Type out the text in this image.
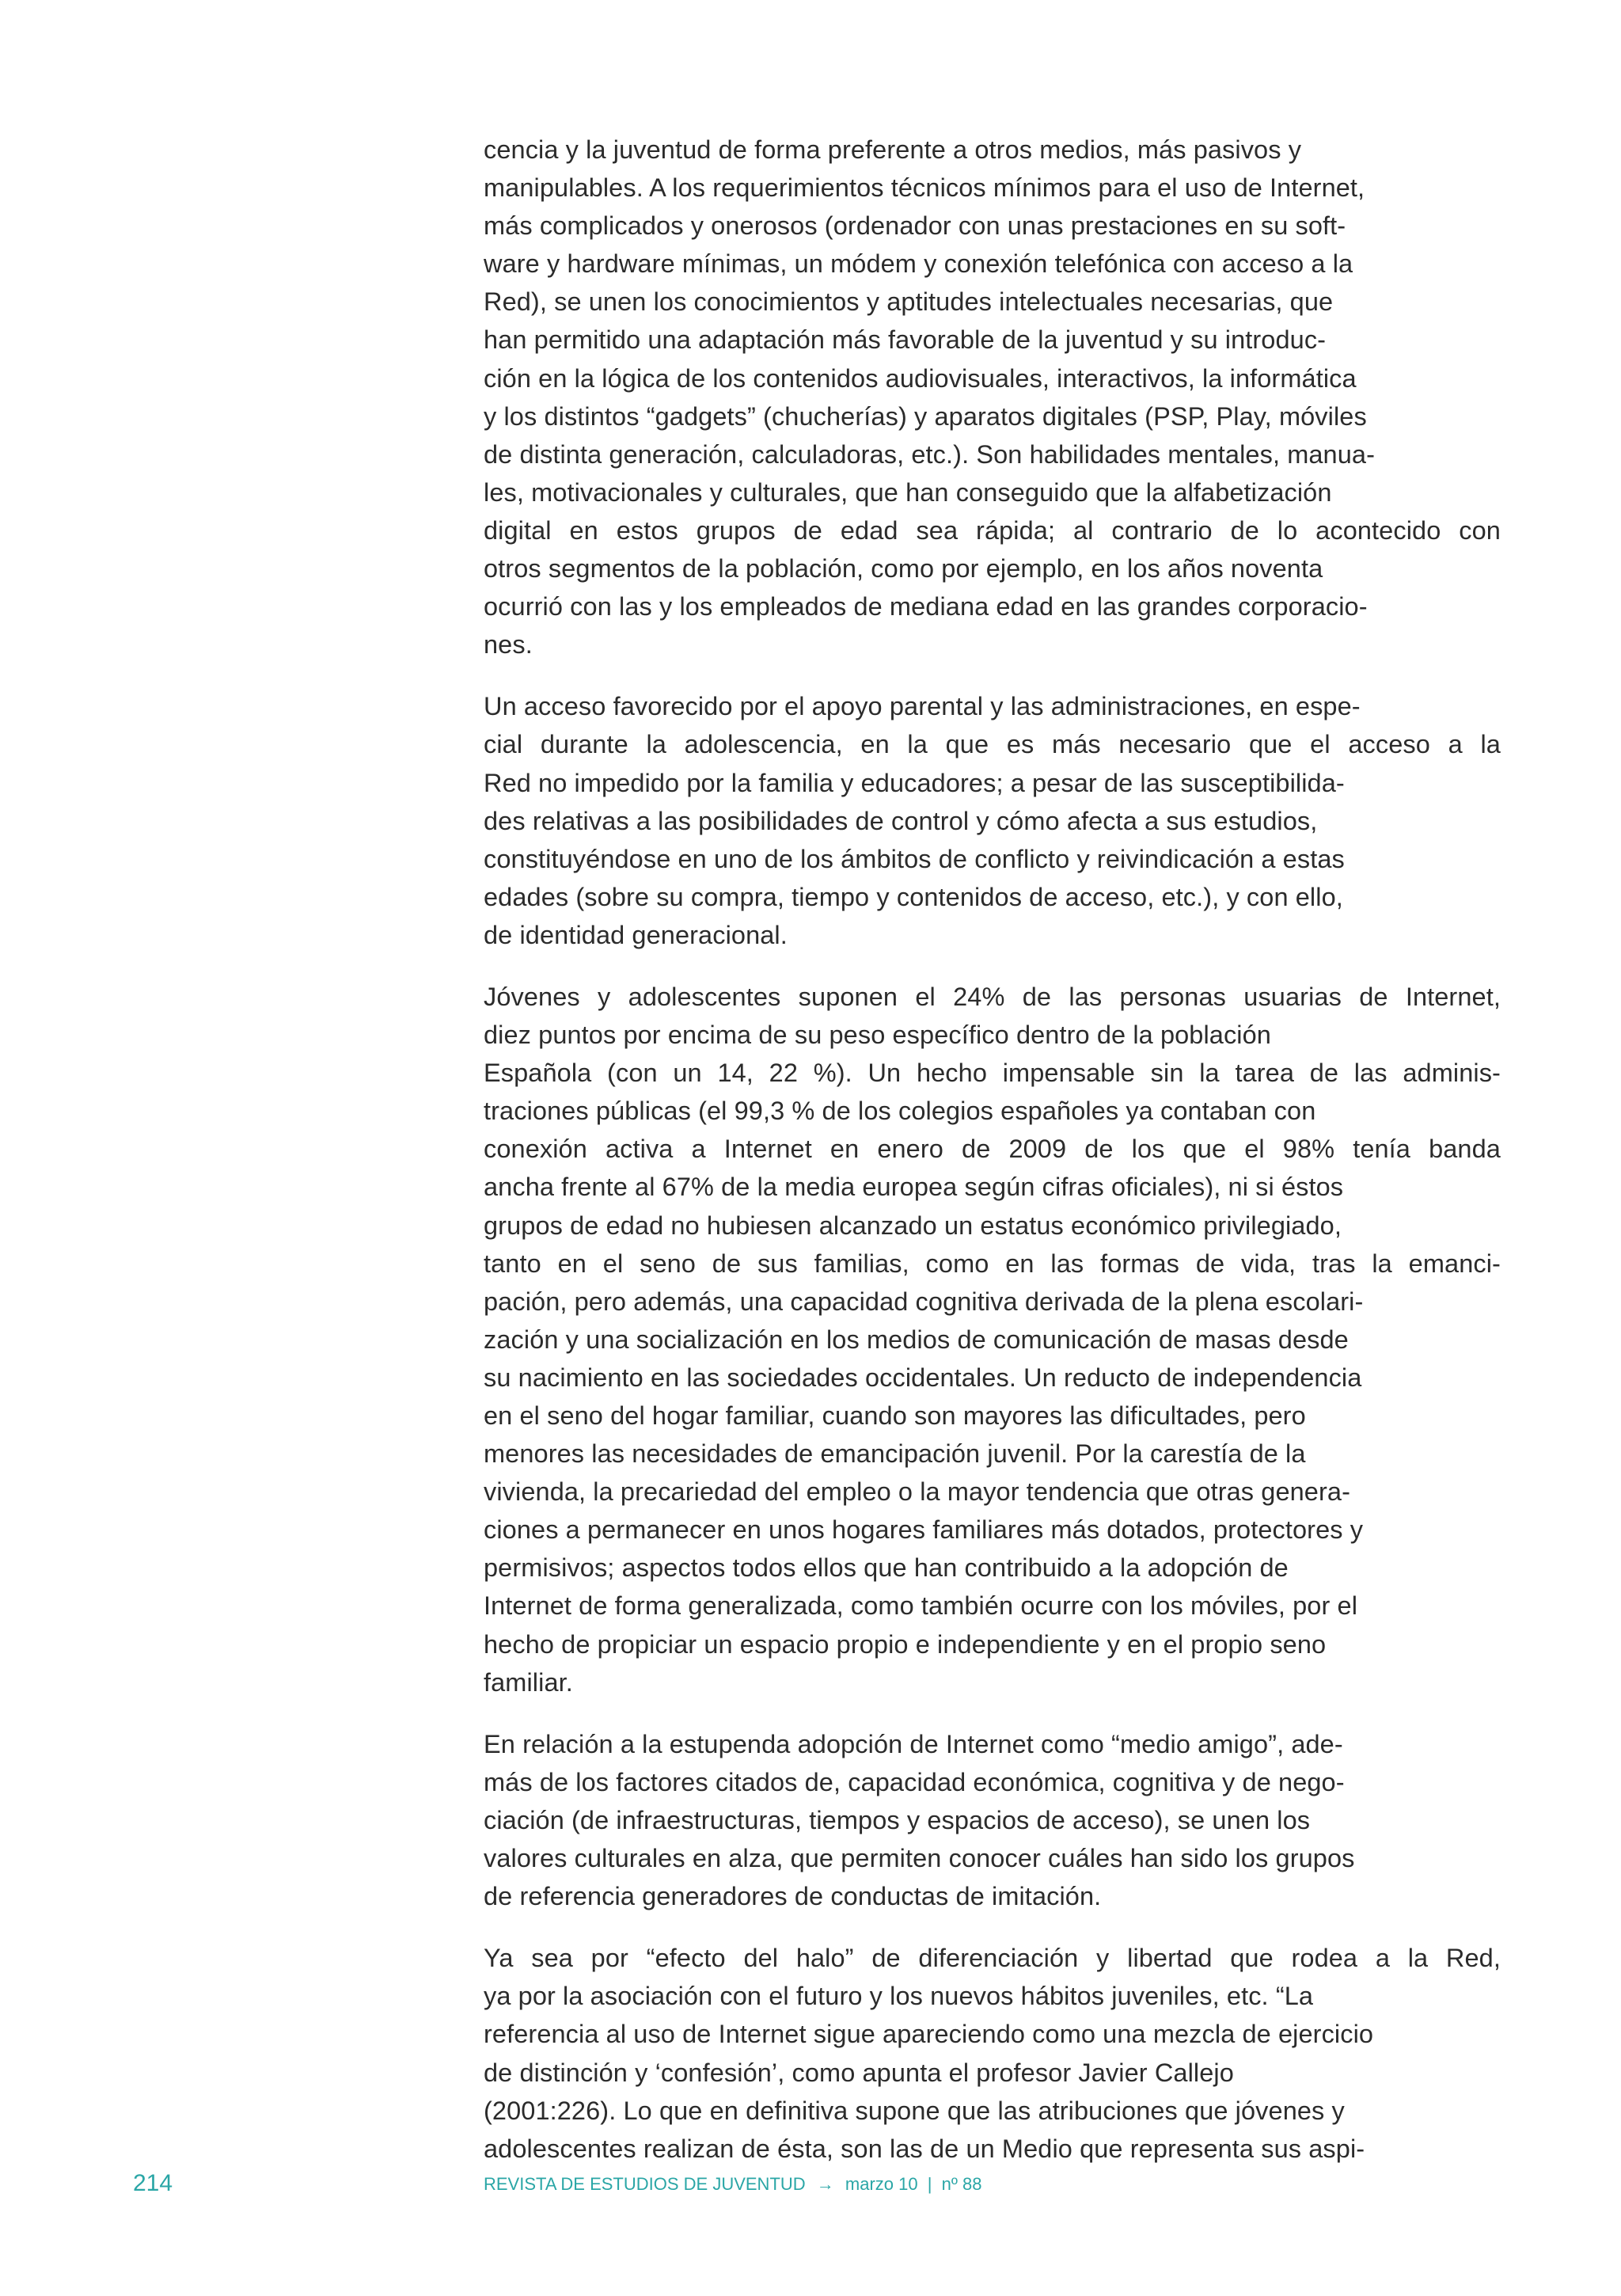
cencia y la juventud de forma preferente a otros medios, más pasivos y
manipulables. A los requerimientos técnicos mínimos para el uso de Internet,
más complicados y onerosos (ordenador con unas prestaciones en su soft-
ware y hardware mínimas, un módem y conexión telefónica con acceso a la
Red), se unen los conocimientos y aptitudes intelectuales necesarias, que
han permitido una adaptación más favorable de la juventud y su introduc-
ción en la lógica de los contenidos audiovisuales, interactivos, la informática
y los distintos “gadgets” (chucherías) y aparatos digitales (PSP, Play, móviles
de distinta generación, calculadoras, etc.). Son habilidades mentales, manua-
les, motivacionales y culturales, que han conseguido que la alfabetización
digital en estos grupos de edad sea rápida; al contrario de lo acontecido con
otros segmentos de la población, como por ejemplo, en los años noventa
ocurrió con las y los empleados de mediana edad en las grandes corporacio-
nes.

Un acceso favorecido por el apoyo parental y las administraciones, en espe-
cial durante la adolescencia, en la que es más necesario que el acceso a la
Red no impedido por la familia y educadores; a pesar de las susceptibilida-
des relativas a las posibilidades de control y cómo afecta a sus estudios,
constituyéndose en uno de los ámbitos de conflicto y reivindicación a estas
edades (sobre su compra, tiempo y contenidos de acceso, etc.), y con ello,
de identidad generacional.

Jóvenes y adolescentes suponen el 24% de las personas usuarias de Internet,
diez puntos por encima de su peso específico dentro de la población
Española (con un 14, 22 %). Un hecho impensable sin la tarea de las adminis-
traciones públicas (el 99,3 % de los colegios españoles ya contaban con
conexión activa a Internet en enero de 2009 de los que el 98% tenía banda
ancha frente al 67% de la media europea según cifras oficiales), ni si éstos
grupos de edad no hubiesen alcanzado un estatus económico privilegiado,
tanto en el seno de sus familias, como en las formas de vida, tras la emanci-
pación, pero además, una capacidad cognitiva derivada de la plena escolari-
zación y una socialización en los medios de comunicación de masas desde
su nacimiento en las sociedades occidentales. Un reducto de independencia
en el seno del hogar familiar, cuando son mayores las dificultades, pero
menores las necesidades de emancipación juvenil. Por la carestía de la
vivienda, la precariedad del empleo o la mayor tendencia que otras genera-
ciones a permanecer en unos hogares familiares más dotados, protectores y
permisivos; aspectos todos ellos que han contribuido a la adopción de
Internet de forma generalizada, como también ocurre con los móviles, por el
hecho de propiciar un espacio propio e independiente y en el propio seno
familiar.

En relación a la estupenda adopción de Internet como “medio amigo”, ade-
más de los factores citados de, capacidad económica, cognitiva y de nego-
ciación (de infraestructuras, tiempos y espacios de acceso), se unen los
valores culturales en alza, que permiten conocer cuáles han sido los grupos
de referencia generadores de conductas de imitación.

Ya sea por “efecto del halo” de diferenciación y libertad que rodea a la Red,
ya por la asociación con el futuro y los nuevos hábitos juveniles, etc. “La
referencia al uso de Internet sigue apareciendo como una mezcla de ejercicio
de distinción y ‘confesión’, como apunta el profesor Javier Callejo
(2001:226). Lo que en definitiva supone que las atribuciones que jóvenes y
adolescentes realizan de ésta, son las de un Medio que representa sus aspi-

214	REVISTA DE ESTUDIOS DE JUVENTUD → marzo 10 | nº 88
